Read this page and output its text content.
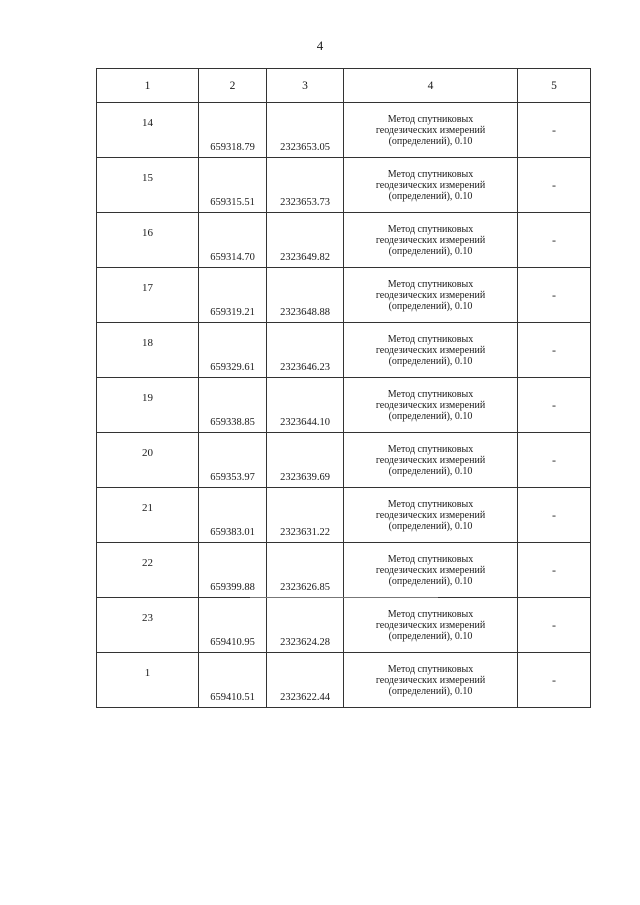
4
1	2	3	4	5
14	659318.79	2323653.05	Метод спутниковых
геодезических измерений
(определений), 0.10	-
15	659315.51	2323653.73	Метод спутниковых
геодезических измерений
(определений), 0.10	-
16	659314.70	2323649.82	Метод спутниковых
геодезических измерений
(определений), 0.10	-
17	659319.21	2323648.88	Метод спутниковых
геодезических измерений
(определений), 0.10	-
18	659329.61	2323646.23	Метод спутниковых
геодезических измерений
(определений), 0.10	-
19	659338.85	2323644.10	Метод спутниковых
геодезических измерений
(определений), 0.10	-
20	659353.97	2323639.69	Метод спутниковых
геодезических измерений
(определений), 0.10	-
21	659383.01	2323631.22	Метод спутниковых
геодезических измерений
(определений), 0.10	-
22	659399.88	2323626.85	Метод спутниковых
геодезических измерений
(определений), 0.10	-
23	659410.95	2323624.28	Метод спутниковых
геодезических измерений
(определений), 0.10	-
1	659410.51	2323622.44	Метод спутниковых
геодезических измерений
(определений), 0.10	-
